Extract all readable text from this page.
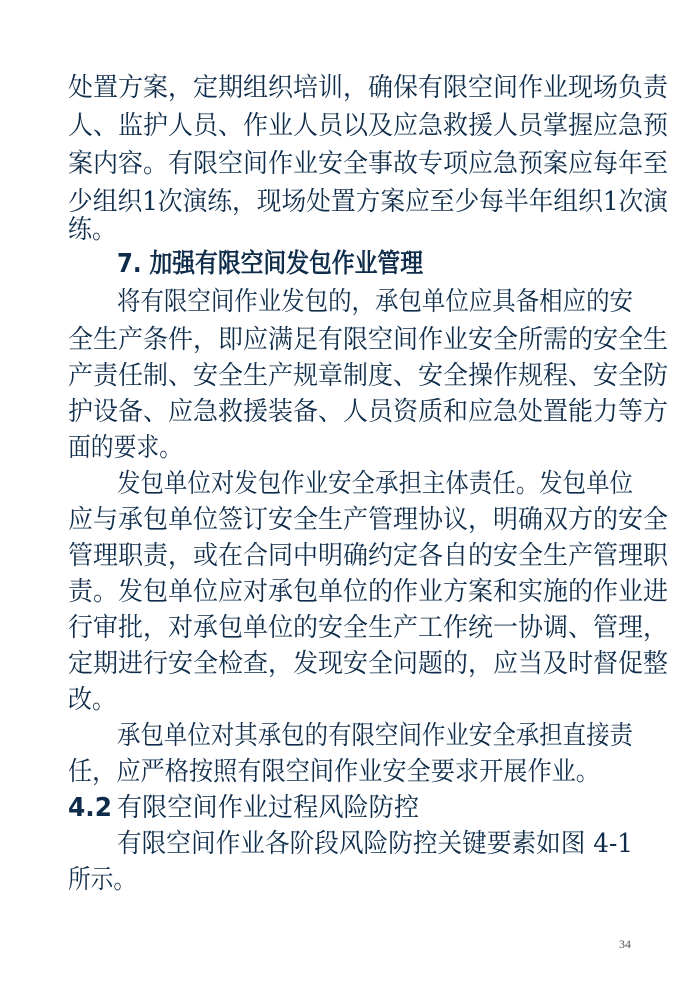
处置方案，定期组织培训，确保有限空间作业现场负责
人、监护人员、作业人员以及应急救援人员掌握应急预
案内容。有限空间作业安全事故专项应急预案应每年至
少组织1次演练，现场处置方案应至少每半年组织1次演
练。
7. 加强有限空间发包作业管理
将有限空间作业发包的，承包单位应具备相应的安
全生产条件，即应满足有限空间作业安全所需的安全生
产责任制、安全生产规章制度、安全操作规程、安全防
护设备、应急救援装备、人员资质和应急处置能力等方
面的要求。
发包单位对发包作业安全承担主体责任。发包单位
应与承包单位签订安全生产管理协议，明确双方的安全
管理职责，或在合同中明确约定各自的安全生产管理职
责。发包单位应对承包单位的作业方案和实施的作业进
行审批，对承包单位的安全生产工作统一协调、管理，
定期进行安全检查，发现安全问题的，应当及时督促整
改。
承包单位对其承包的有限空间作业安全承担直接责
任，应严格按照有限空间作业安全要求开展作业。
4.2 有限空间作业过程风险防控
有限空间作业各阶段风险防控关键要素如图 4-1
所示。
34
